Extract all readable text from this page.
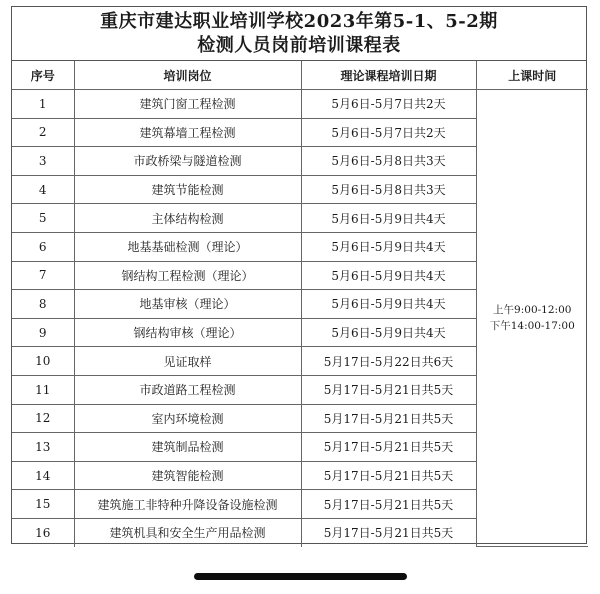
重庆市建达职业培训学校2023年第5-1、5-2期
检测人员岗前培训课程表
序号	培训岗位	理论课程培训日期	上课时间
1	建筑门窗工程检测	5月6日-5月7日共2天	上午9:00-12:00
下午14:00-17:00

2	建筑幕墙工程检测	5月6日-5月7日共2天	
3	市政桥梁与隧道检测	5月6日-5月8日共3天	
4	建筑节能检测	5月6日-5月8日共3天	
5	主体结构检测	5月6日-5月9日共4天	
6	地基基础检测（理论）	5月6日-5月9日共4天	
7	钢结构工程检测（理论）	5月6日-5月9日共4天	
8	地基审核（理论）	5月6日-5月9日共4天	
9	钢结构审核（理论）	5月6日-5月9日共4天	
10	见证取样	5月17日-5月22日共6天	
11	市政道路工程检测	5月17日-5月21日共5天	
12	室内环境检测	5月17日-5月21日共5天	
13	建筑制品检测	5月17日-5月21日共5天	
14	建筑智能检测	5月17日-5月21日共5天	
15	建筑施工非特种升降设备设施检测	5月17日-5月21日共5天	
16	建筑机具和安全生产用品检测	5月17日-5月21日共5天	
